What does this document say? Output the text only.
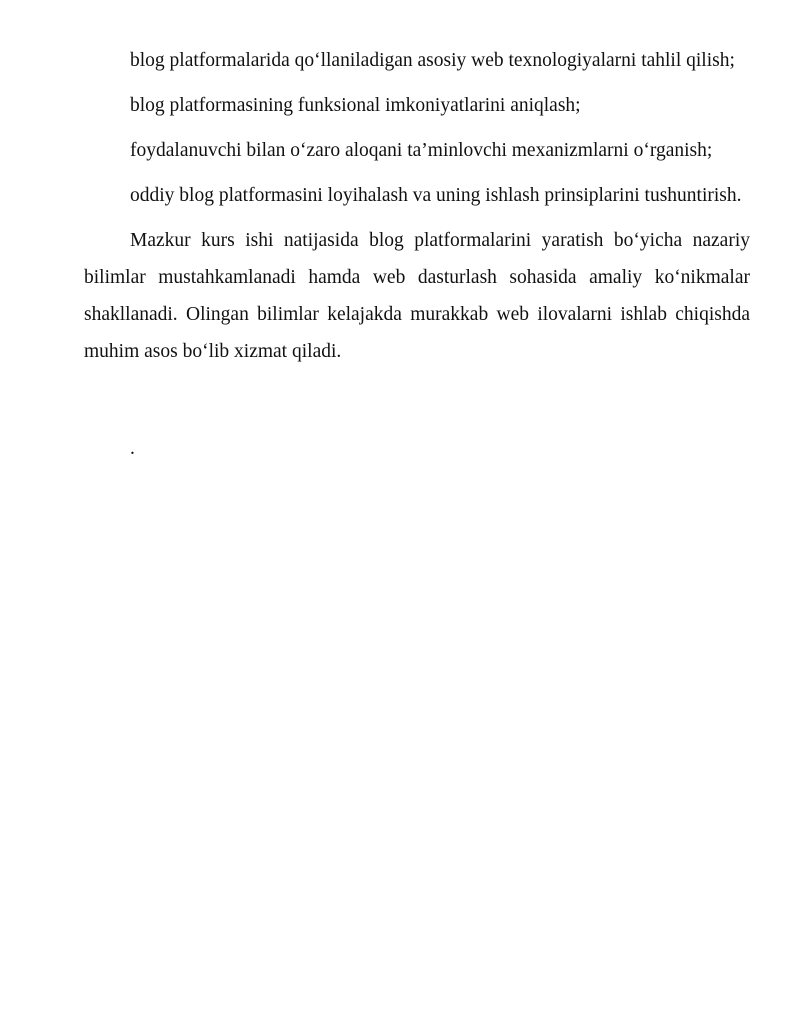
blog platformalarida qo‘llaniladigan asosiy web texnologiyalarni tahlil qilish;

blog platformasining funksional imkoniyatlarini aniqlash;

foydalanuvchi bilan o‘zaro aloqani ta’minlovchi mexanizmlarni o‘rganish;

oddiy blog platformasini loyihalash va uning ishlash prinsiplarini tushuntirish.

Mazkur kurs ishi natijasida blog platformalarini yaratish bo‘yicha nazariy bilimlar mustahkamlanadi hamda web dasturlash sohasida amaliy ko‘nikmalar shakllanadi. Olingan bilimlar kelajakda murakkab web ilovalarni ishlab chiqishda muhim asos bo‘lib xizmat qiladi.

.
